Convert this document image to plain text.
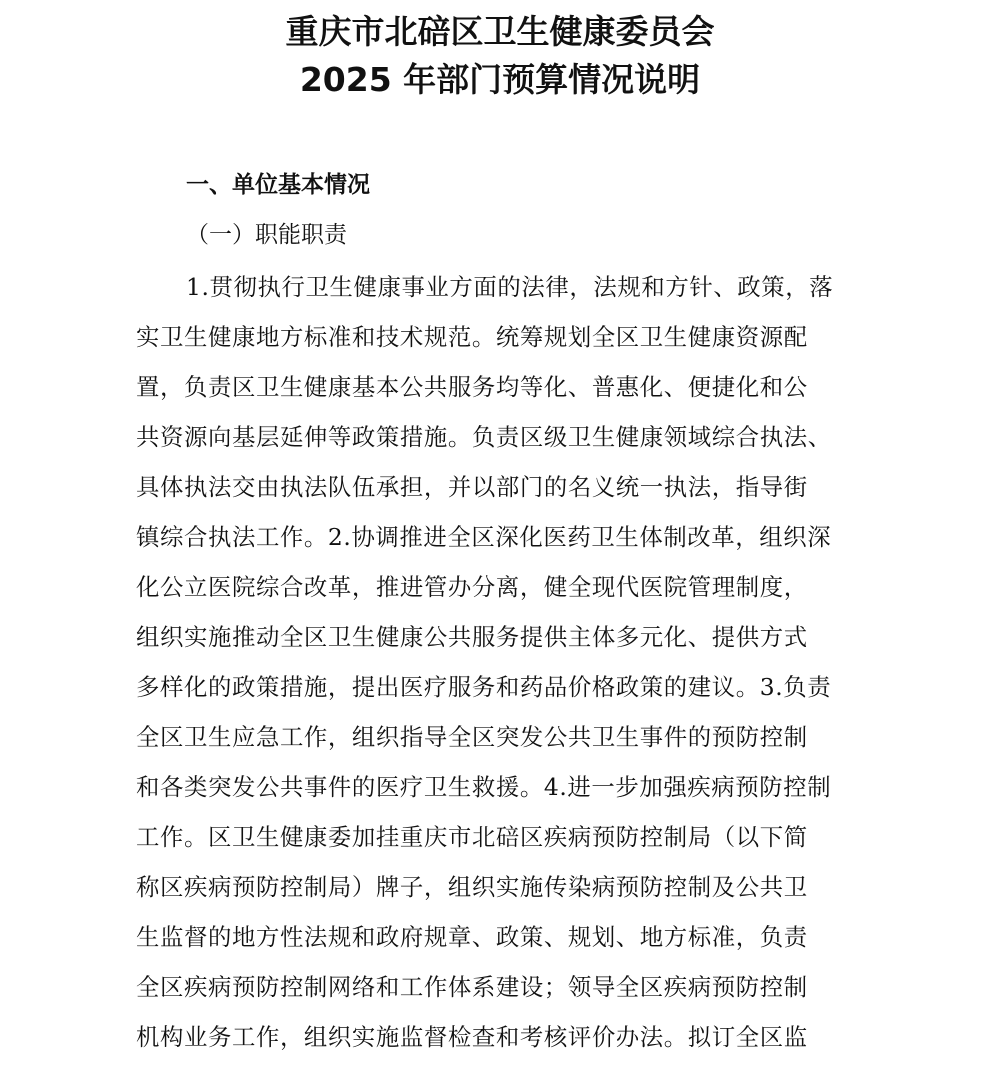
重庆市北碚区卫生健康委员会
2025 年部门预算情况说明
一、单位基本情况
（一）职能职责
1.贯彻执行卫生健康事业方面的法律，法规和方针、政策，落
实卫生健康地方标准和技术规范。统筹规划全区卫生健康资源配
置，负责区卫生健康基本公共服务均等化、普惠化、便捷化和公
共资源向基层延伸等政策措施。负责区级卫生健康领域综合执法、
具体执法交由执法队伍承担，并以部门的名义统一执法，指导街
镇综合执法工作。2.协调推进全区深化医药卫生体制改革，组织深
化公立医院综合改革，推进管办分离，健全现代医院管理制度，
组织实施推动全区卫生健康公共服务提供主体多元化、提供方式
多样化的政策措施，提出医疗服务和药品价格政策的建议。3.负责
全区卫生应急工作，组织指导全区突发公共卫生事件的预防控制
和各类突发公共事件的医疗卫生救援。4.进一步加强疾病预防控制
工作。区卫生健康委加挂重庆市北碚区疾病预防控制局（以下简
称区疾病预防控制局）牌子，组织实施传染病预防控制及公共卫
生监督的地方性法规和政府规章、政策、规划、地方标准，负责
全区疾病预防控制网络和工作体系建设；领导全区疾病预防控制
机构业务工作，组织实施监督检查和考核评价办法。拟订全区监
